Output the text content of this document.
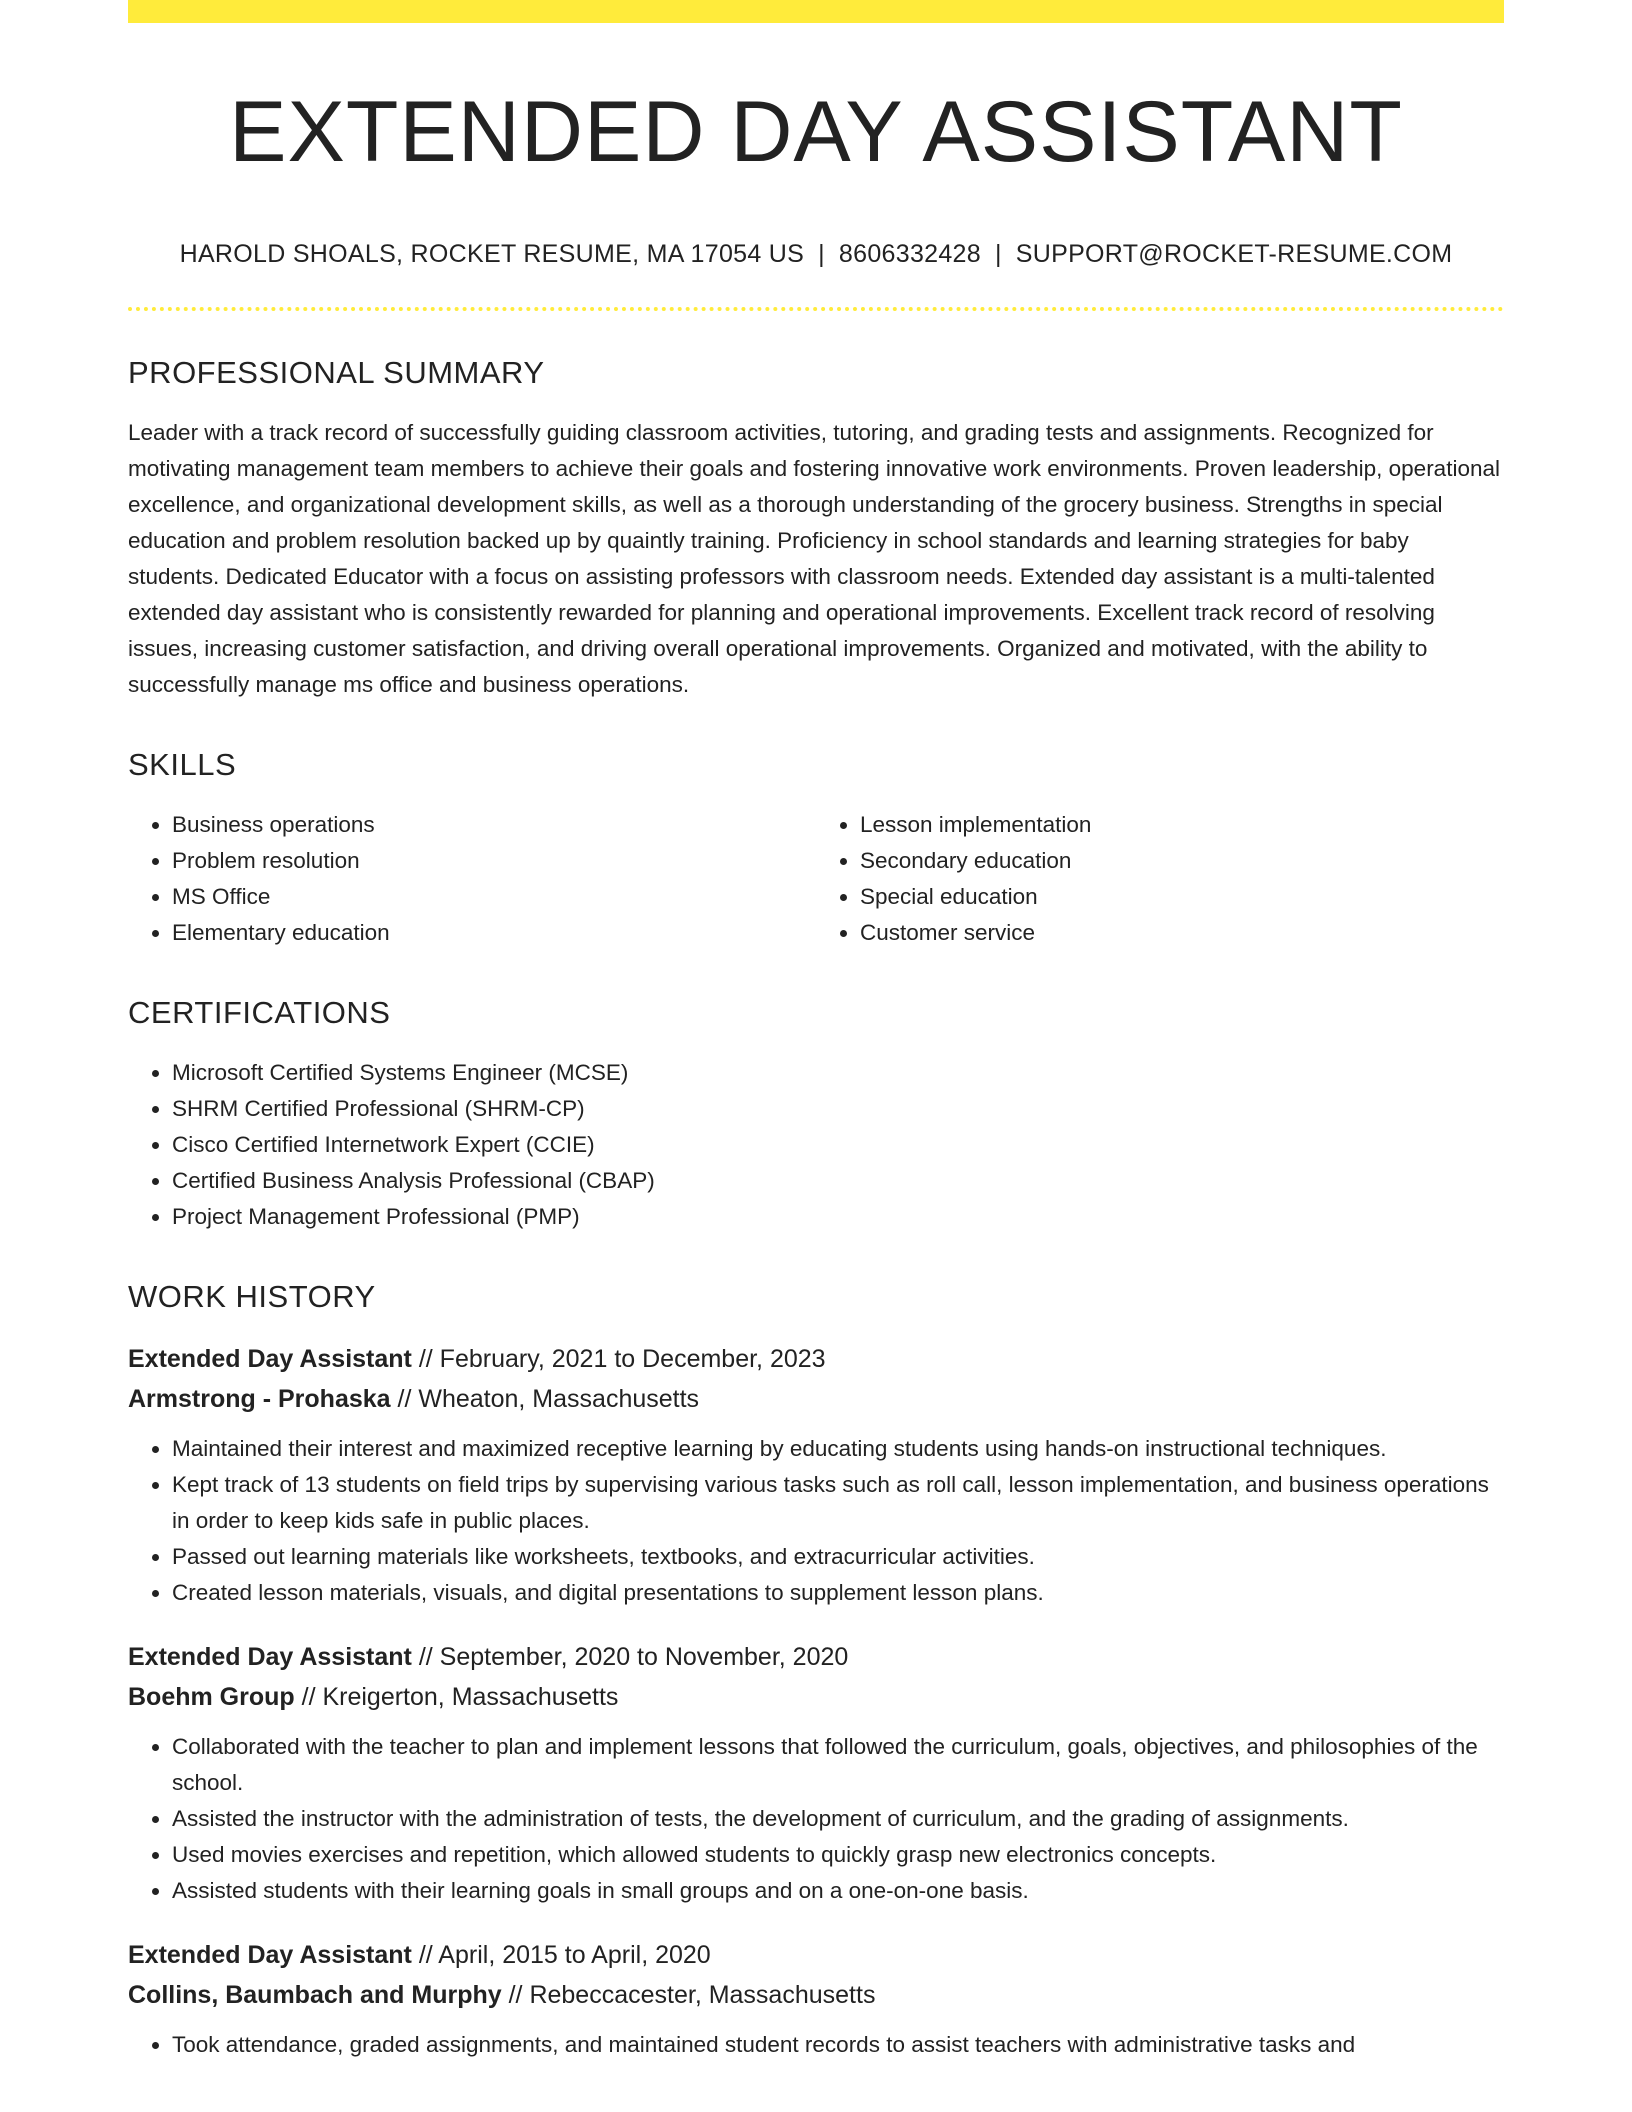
EXTENDED DAY ASSISTANT
HAROLD SHOALS, ROCKET RESUME, MA 17054 US | 8606332428 | SUPPORT@ROCKET-RESUME.COM
PROFESSIONAL SUMMARY

Leader with a track record of successfully guiding classroom activities, tutoring, and grading tests and assignments. Recognized for motivating management team members to achieve their goals and fostering innovative work environments. Proven leadership, operational excellence, and organizational development skills, as well as a thorough understanding of the grocery business. Strengths in special education and problem resolution backed up by quaintly training. Proficiency in school standards and learning strategies for baby students. Dedicated Educator with a focus on assisting professors with classroom needs. Extended day assistant is a multi-talented extended day assistant who is consistently rewarded for planning and operational improvements. Excellent track record of resolving issues, increasing customer satisfaction, and driving overall operational improvements. Organized and motivated, with the ability to successfully manage ms office and business operations.

SKILLS
• Business operations
• Problem resolution
• MS Office
• Elementary education
• Lesson implementation
• Secondary education
• Special education
• Customer service
CERTIFICATIONS
• Microsoft Certified Systems Engineer (MCSE)
• SHRM Certified Professional (SHRM-CP)
• Cisco Certified Internetwork Expert (CCIE)
• Certified Business Analysis Professional (CBAP)
• Project Management Professional (PMP)
WORK HISTORY
Extended Day Assistant // February, 2021 to December, 2023
Armstrong - Prohaska // Wheaton, Massachusetts
• Maintained their interest and maximized receptive learning by educating students using hands-on instructional techniques.
• Kept track of 13 students on field trips by supervising various tasks such as roll call, lesson implementation, and business operations in order to keep kids safe in public places.
• Passed out learning materials like worksheets, textbooks, and extracurricular activities.
• Created lesson materials, visuals, and digital presentations to supplement lesson plans.
Extended Day Assistant // September, 2020 to November, 2020
Boehm Group // Kreigerton, Massachusetts
• Collaborated with the teacher to plan and implement lessons that followed the curriculum, goals, objectives, and philosophies of the school.
• Assisted the instructor with the administration of tests, the development of curriculum, and the grading of assignments.
• Used movies exercises and repetition, which allowed students to quickly grasp new electronics concepts.
• Assisted students with their learning goals in small groups and on a one-on-one basis.
Extended Day Assistant // April, 2015 to April, 2020
Collins, Baumbach and Murphy // Rebeccacester, Massachusetts
• Took attendance, graded assignments, and maintained student records to assist teachers with administrative tasks and
